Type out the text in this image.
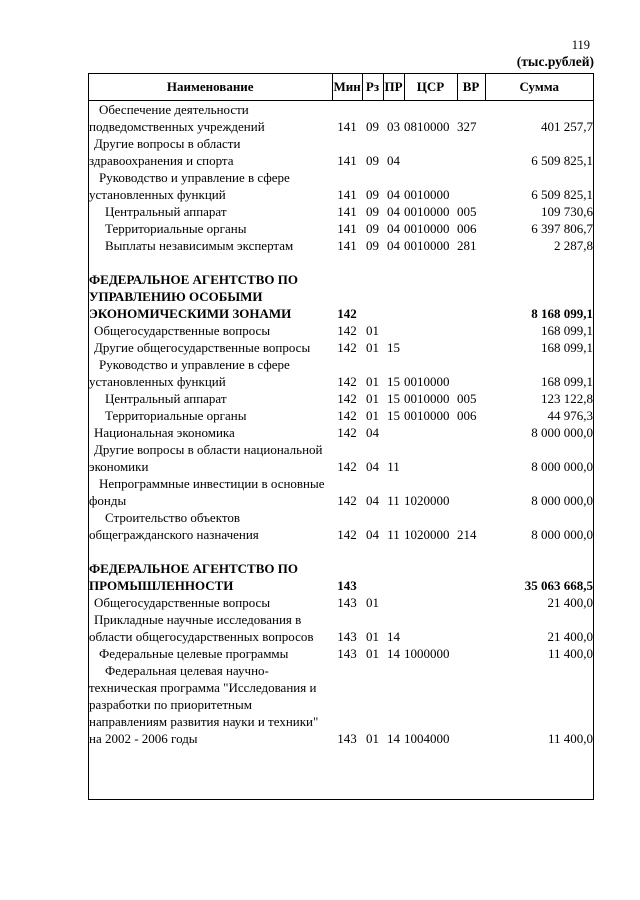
119
(тыс.рублей)
Наименование	Мин	Рз	ПР	ЦСР	ВР	Сумма
Обеспечение деятельности подведомственных учреждений	141	09	03	0810000	327	401 257,7
Другие вопросы в области здравоохранения и спорта	141	09	04			6 509 825,1
Руководство и управление в сфере установленных функций	141	09	04	0010000		6 509 825,1
Центральный аппарат	141	09	04	0010000	005	109 730,6
Территориальные органы	141	09	04	0010000	006	6 397 806,7
Выплаты независимым экспертам	141	09	04	0010000	281	2 287,8
ФЕДЕРАЛЬНОЕ АГЕНТСТВО ПО УПРАВЛЕНИЮ ОСОБЫМИ ЭКОНОМИЧЕСКИМИ ЗОНАМИ	142					8 168 099,1
Общегосударственные вопросы	142	01				168 099,1
Другие общегосударственные вопросы	142	01	15			168 099,1
Руководство и управление в сфере установленных функций	142	01	15	0010000		168 099,1
Центральный аппарат	142	01	15	0010000	005	123 122,8
Территориальные органы	142	01	15	0010000	006	44 976,3
Национальная экономика	142	04				8 000 000,0
Другие вопросы в области национальной экономики	142	04	11			8 000 000,0
Непрограммные инвестиции в основные фонды	142	04	11	1020000		8 000 000,0
Строительство объектов общегражданского назначения	142	04	11	1020000	214	8 000 000,0
ФЕДЕРАЛЬНОЕ АГЕНТСТВО ПО ПРОМЫШЛЕННОСТИ	143					35 063 668,5
Общегосударственные вопросы	143	01				21 400,0
Прикладные научные исследования в области общегосударственных вопросов	143	01	14			21 400,0
Федеральные целевые программы	143	01	14	1000000		11 400,0
Федеральная целевая научно-техническая программа "Исследования и разработки по приоритетным направлениям развития науки и техники" на 2002 - 2006 годы	143	01	14	1004000		11 400,0
